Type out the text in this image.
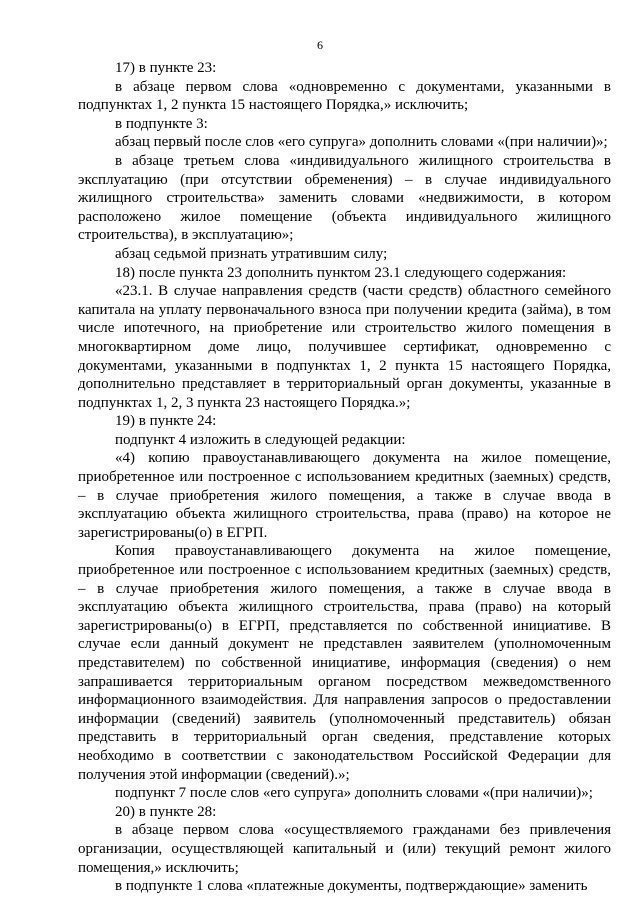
6

17) в пункте 23:

в абзаце первом слова «одновременно с документами, указанными в подпунктах 1, 2 пункта 15 настоящего Порядка,» исключить;

в подпункте 3:

абзац первый после слов «его супруга» дополнить словами «(при наличии)»;

в абзаце третьем слова «индивидуального жилищного строительства в эксплуатацию (при отсутствии обременения) – в случае индивидуального жилищного строительства» заменить словами «недвижимости, в котором расположено жилое помещение (объекта индивидуального жилищного строительства), в эксплуатацию»;

абзац седьмой признать утратившим силу;

18) после пункта 23 дополнить пунктом 23.1 следующего содержания:

«23.1. В случае направления средств (части средств) областного семейного капитала на уплату первоначального взноса при получении кредита (займа), в том числе ипотечного, на приобретение или строительство жилого помещения в многоквартирном доме лицо, получившее сертификат, одновременно с документами, указанными в подпунктах 1, 2 пункта 15 настоящего Порядка, дополнительно представляет в территориальный орган документы, указанные в подпунктах 1, 2, 3 пункта 23 настоящего Порядка.»;

19) в пункте 24:

подпункт 4 изложить в следующей редакции:

«4) копию правоустанавливающего документа на жилое помещение, приобретенное или построенное с использованием кредитных (заемных) средств, – в случае приобретения жилого помещения, а также в случае ввода в эксплуатацию объекта жилищного строительства, права (право) на которое не зарегистрированы(о) в ЕГРП.

Копия правоустанавливающего документа на жилое помещение, приобретенное или построенное с использованием кредитных (заемных) средств, – в случае приобретения жилого помещения, а также в случае ввода в эксплуатацию объекта жилищного строительства, права (право) на который зарегистрированы(о) в ЕГРП, представляется по собственной инициативе. В случае если данный документ не представлен заявителем (уполномоченным представителем) по собственной инициативе, информация (сведения) о нем запрашивается территориальным органом посредством межведомственного информационного взаимодействия. Для направления запросов о предоставлении информации (сведений) заявитель (уполномоченный представитель) обязан представить в территориальный орган сведения, представление которых необходимо в соответствии с законодательством Российской Федерации для получения этой информации (сведений).»;

подпункт 7 после слов «его супруга» дополнить словами «(при наличии)»;

20) в пункте 28:

в абзаце первом слова «осуществляемого гражданами без привлечения организации, осуществляющей капитальный и (или) текущий ремонт жилого помещения,» исключить;

в подпункте 1 слова «платежные документы, подтверждающие» заменить
